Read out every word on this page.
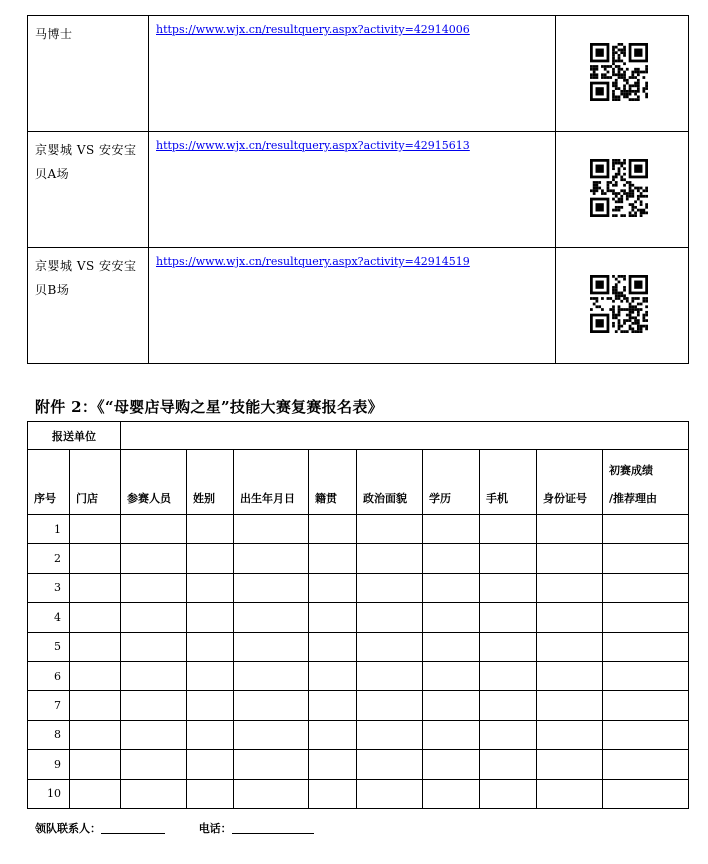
马博士	https://www.wjx.cn/resultquery.aspx?activity=42914006	
京婴城 VS 安安宝贝A场	https://www.wjx.cn/resultquery.aspx?activity=42915613	
京婴城 VS 安安宝贝B场	https://www.wjx.cn/resultquery.aspx?activity=42914519	
附件 2：《“母婴店导购之星”技能大赛复赛报名表》
报送单位										
序号	门店	参赛人员	姓别	出生年月日	籍贯	政治面貌	学历	手机	身份证号	初赛成绩
/推荐理由
1										
2										
3										
4										
5										
6										
7										
8										
9										
10										
领队联系人：	电话：
